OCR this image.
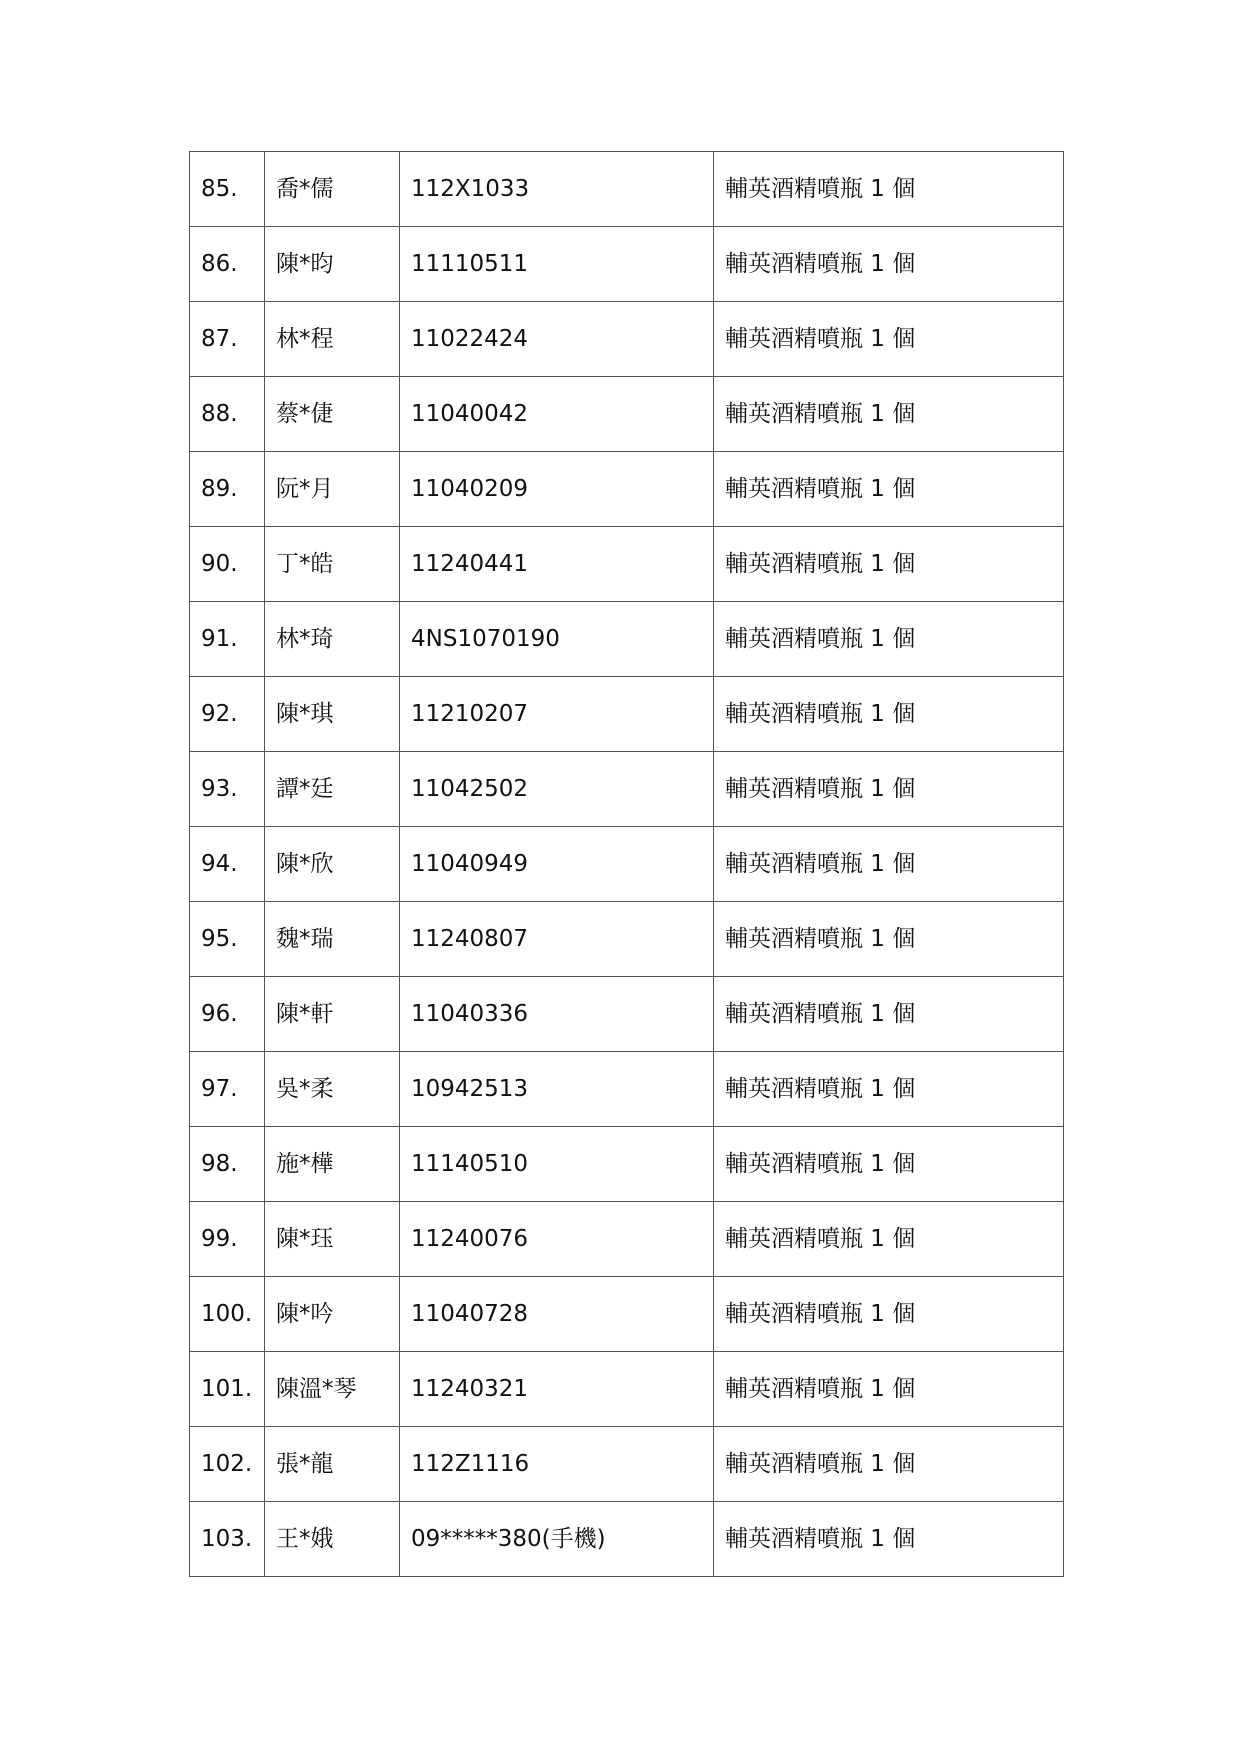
85.	喬*儒	112X1033	輔英酒精噴瓶 1 個
86.	陳*昀	11110511	輔英酒精噴瓶 1 個
87.	林*程	11022424	輔英酒精噴瓶 1 個
88.	蔡*倢	11040042	輔英酒精噴瓶 1 個
89.	阮*月	11040209	輔英酒精噴瓶 1 個
90.	丁*皓	11240441	輔英酒精噴瓶 1 個
91.	林*琦	4NS1070190	輔英酒精噴瓶 1 個
92.	陳*琪	11210207	輔英酒精噴瓶 1 個
93.	譚*廷	11042502	輔英酒精噴瓶 1 個
94.	陳*欣	11040949	輔英酒精噴瓶 1 個
95.	魏*瑞	11240807	輔英酒精噴瓶 1 個
96.	陳*軒	11040336	輔英酒精噴瓶 1 個
97.	吳*柔	10942513	輔英酒精噴瓶 1 個
98.	施*樺	11140510	輔英酒精噴瓶 1 個
99.	陳*珏	11240076	輔英酒精噴瓶 1 個
100.	陳*吟	11040728	輔英酒精噴瓶 1 個
101.	陳溫*琴	11240321	輔英酒精噴瓶 1 個
102.	張*龍	112Z1116	輔英酒精噴瓶 1 個
103.	王*娥	09*****380(手機)	輔英酒精噴瓶 1 個
